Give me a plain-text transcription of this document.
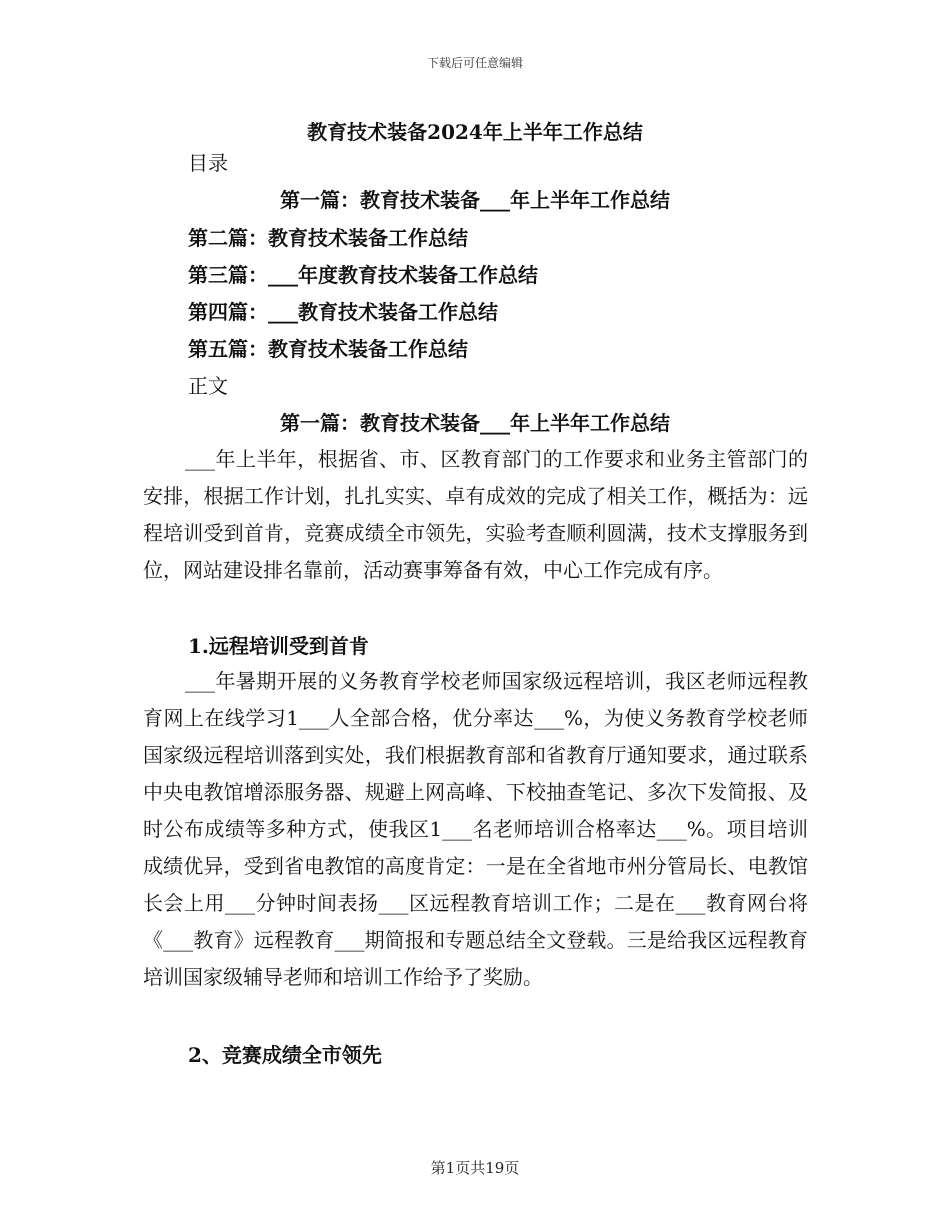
下载后可任意编辑
教育技术装备2024年上半年工作总结
目录
第一篇：教育技术装备___年上半年工作总结
第二篇：教育技术装备工作总结
第三篇：___年度教育技术装备工作总结
第四篇：___教育技术装备工作总结
第五篇：教育技术装备工作总结
正文
第一篇：教育技术装备___年上半年工作总结
___年上半年，根据省、市、区教育部门的工作要求和业务主管部门的安排，根据工作计划，扎扎实实、卓有成效的完成了相关工作，概括为：远程培训受到首肯，竞赛成绩全市领先，实验考查顺利圆满，技术支撑服务到位，网站建设排名靠前，活动赛事筹备有效，中心工作完成有序。
1.远程培训受到首肯
___年暑期开展的义务教育学校老师国家级远程培训，我区老师远程教育网上在线学习1___人全部合格，优分率达___%，为使义务教育学校老师国家级远程培训落到实处，我们根据教育部和省教育厅通知要求，通过联系中央电教馆增添服务器、规避上网高峰、下校抽查笔记、多次下发简报、及时公布成绩等多种方式，使我区1___名老师培训合格率达___%。项目培训成绩优异，受到省电教馆的高度肯定：一是在全省地市州分管局长、电教馆长会上用___分钟时间表扬___区远程教育培训工作；二是在___教育网台将《___教育》远程教育___期简报和专题总结全文登载。三是给我区远程教育培训国家级辅导老师和培训工作给予了奖励。
2、竞赛成绩全市领先
第1页共19页
